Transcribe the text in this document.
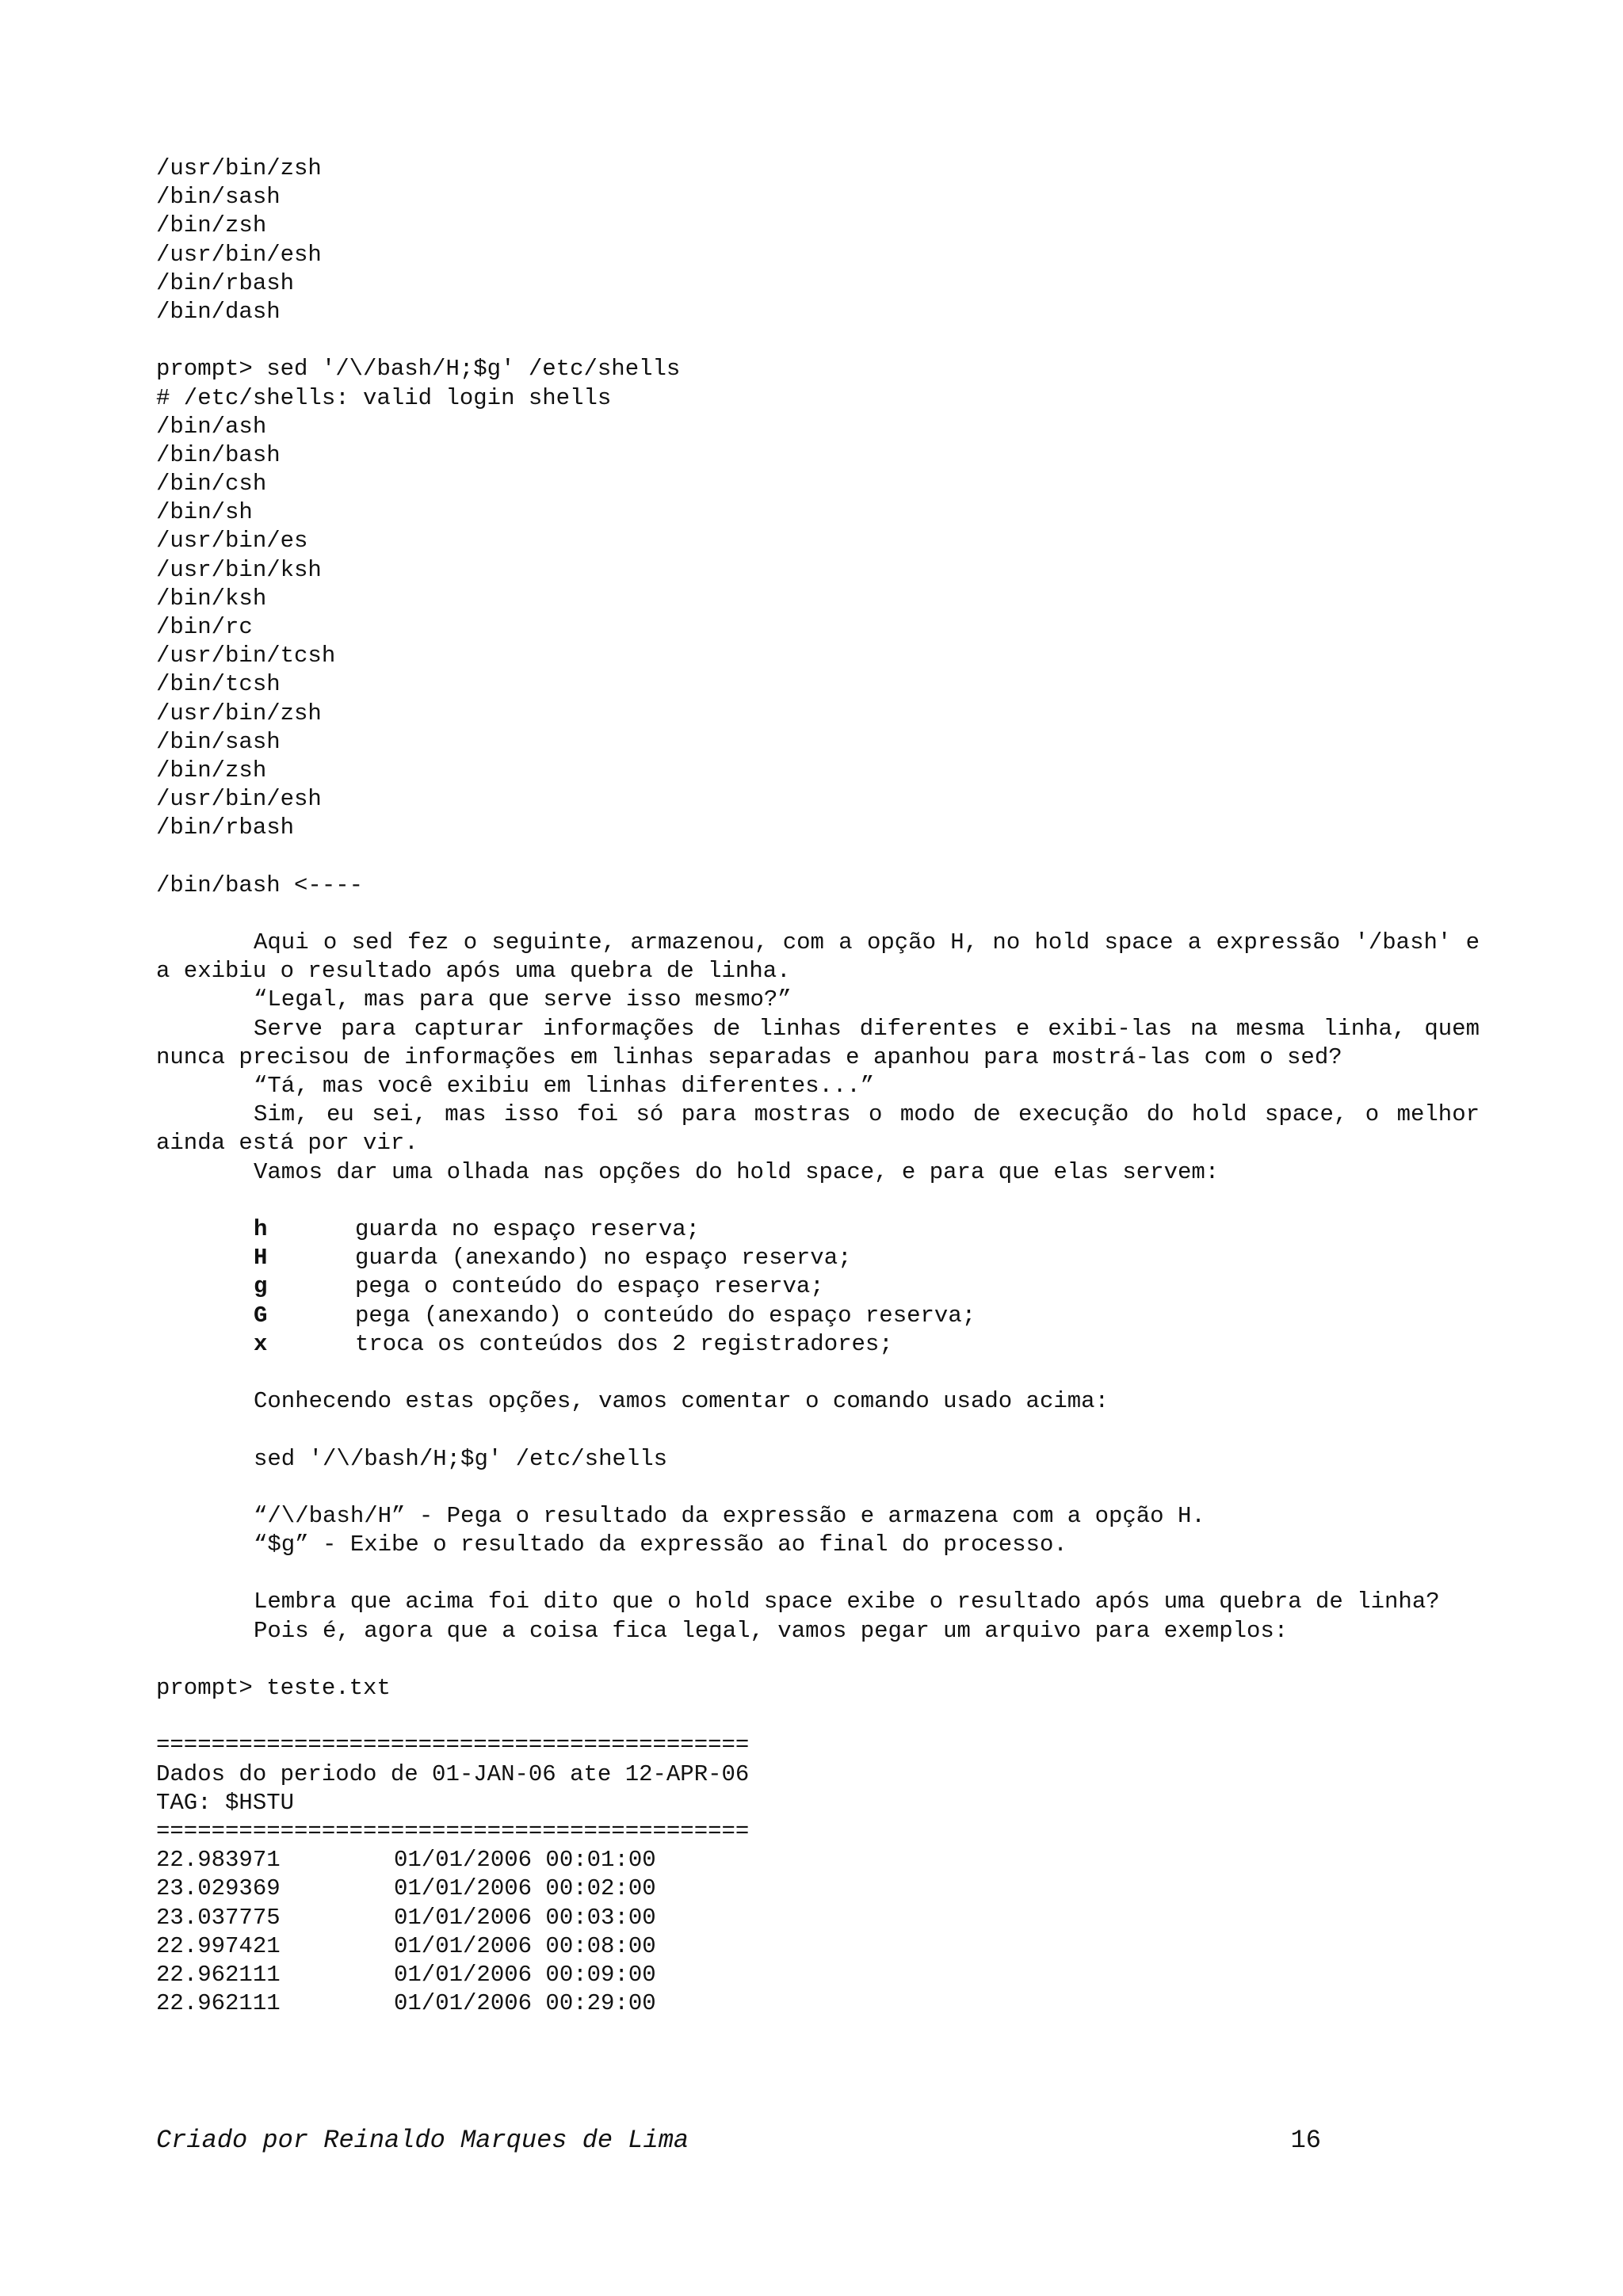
/usr/bin/zsh
/bin/sash
/bin/zsh
/usr/bin/esh
/bin/rbash
/bin/dash
prompt> sed '/\/bash/H;$g' /etc/shells
# /etc/shells: valid login shells
/bin/ash
/bin/bash
/bin/csh
/bin/sh
/usr/bin/es
/usr/bin/ksh
/bin/ksh
/bin/rc
/usr/bin/tcsh
/bin/tcsh
/usr/bin/zsh
/bin/sash
/bin/zsh
/usr/bin/esh
/bin/rbash
/bin/bash <----
Aqui o sed fez o seguinte, armazenou, com a opção H, no hold space a expressão '/bash' e a exibiu o resultado após uma quebra de linha.
“Legal, mas para que serve isso mesmo?”
Serve para capturar informações de linhas diferentes e exibi-las na mesma linha, quem nunca precisou de informações em linhas separadas e apanhou para mostrá-las com o sed?
“Tá, mas você exibiu em linhas diferentes...”
Sim, eu sei, mas isso foi só para mostras o modo de execução do hold space, o melhor ainda está por vir.
Vamos dar uma olhada nas opções do hold space, e para que elas servem:
h	guarda no espaço reserva;
H	guarda (anexando) no espaço reserva;
g	pega o conteúdo do espaço reserva;
G	pega (anexando) o conteúdo do espaço reserva;
x	troca os conteúdos dos 2 registradores;
Conhecendo estas opções, vamos comentar o comando usado acima:
sed '/\/bash/H;$g' /etc/shells
“/\/bash/H” - Pega o resultado da expressão e armazena com a opção H.
“$g” - Exibe o resultado da expressão ao final do processo.
Lembra que acima foi dito que o hold space exibe o resultado após uma quebra de linha?
Pois é, agora que a coisa fica legal, vamos pegar um arquivo para exemplos:
prompt> teste.txt
===========================================
Dados do periodo de 01-JAN-06 ate 12-APR-06
TAG: $HSTU
===========================================
22.983971	01/01/2006 00:01:00
23.029369	01/01/2006 00:02:00
23.037775	01/01/2006 00:03:00
22.997421	01/01/2006 00:08:00
22.962111	01/01/2006 00:09:00
22.962111	01/01/2006 00:29:00
Criado por Reinaldo Marques de Lima	16
